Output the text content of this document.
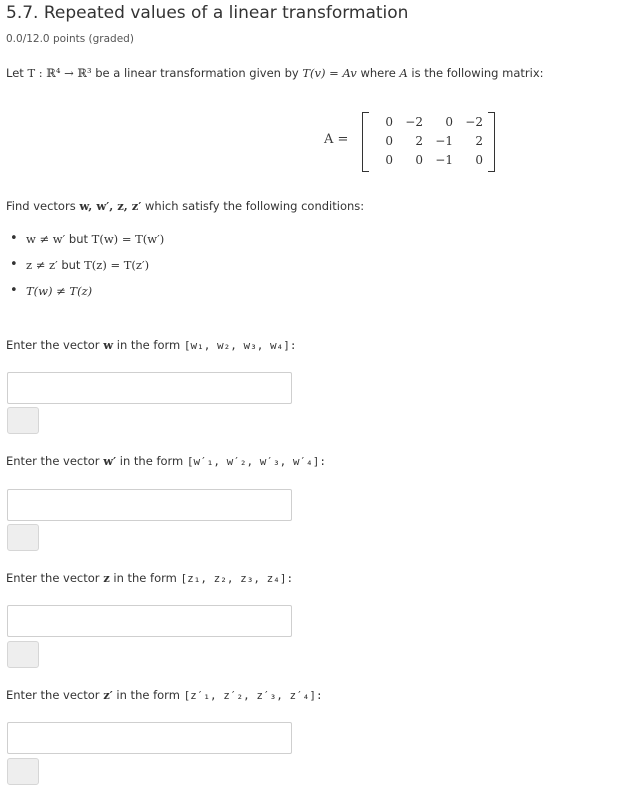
5.7. Repeated values of a linear transformation
0.0/12.0 points (graded)
Let T : ℝ⁴ → ℝ³ be a linear transformation given by T(v) = Av where A is the following matrix:
A =
0	−2	0	−2
0	2	−1	2
0	0	−1	0
Find vectors w, w′, z, z′ which satisfy the following conditions:
• w ≠ w′ but T(w) = T(w′)
• z ≠ z′ but T(z) = T(z′)
• T(w) ≠ T(z)
Enter the vector w in the form [w₁, w₂, w₃, w₄]:
Enter the vector w′ in the form [w′₁, w′₂, w′₃, w′₄]:
Enter the vector z in the form [z₁, z₂, z₃, z₄]:
Enter the vector z′ in the form [z′₁, z′₂, z′₃, z′₄]:
